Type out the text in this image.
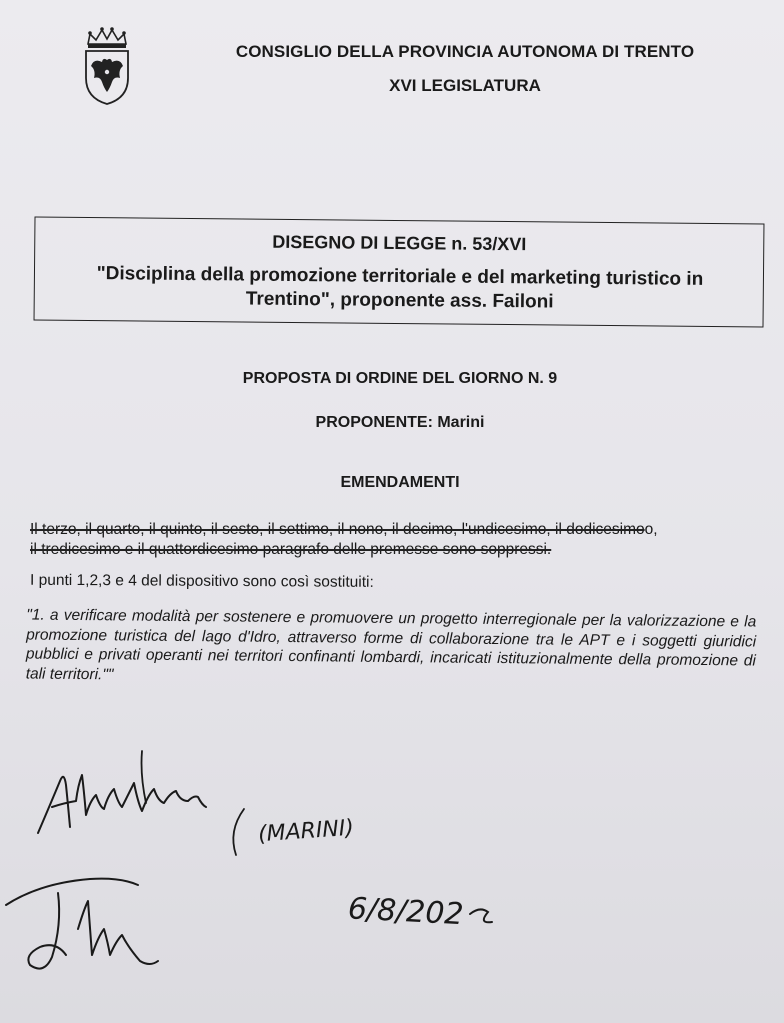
CONSIGLIO DELLA PROVINCIA AUTONOMA DI TRENTO
XVI LEGISLATURA
DISEGNO DI LEGGE n. 53/XVI
"Disciplina della promozione territoriale e del marketing turistico in Trentino", proponente ass. Failoni
PROPOSTA DI ORDINE DEL GIORNO N. 9
PROPONENTE: Marini
EMENDAMENTI
Il terzo, il quarto, il quinto, il sesto, il settimo, il nono, il decimo, l'undicesimo, il dodicesimoo,
il tredicesimo e il quattordicesimo paragrafo delle premesse sono soppressi.
I punti 1,2,3 e 4 del dispositivo sono così sostituiti:
"1. a verificare modalità per sostenere e promuovere un progetto interregionale per la valorizzazione e la promozione turistica del lago d'Idro, attraverso forme di collaborazione tra le APT e i soggetti giuridici pubblici e privati operanti nei territori confinanti lombardi, incaricati istituzionalmente della promozione di tali territori.""
(MARINI)
6/8/202
